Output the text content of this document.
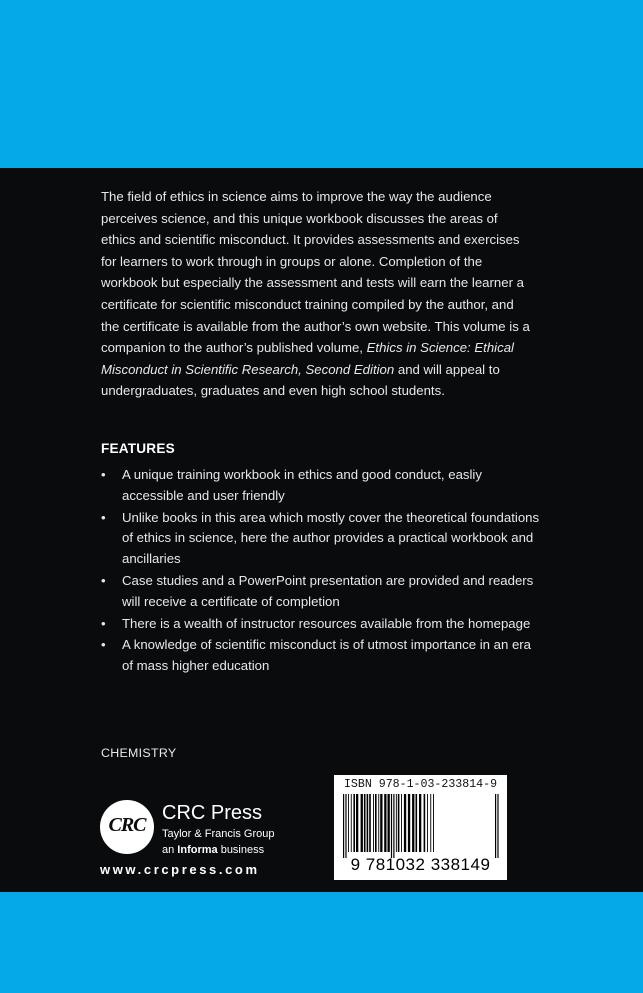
The field of ethics in science aims to improve the way the audience perceives science, and this unique workbook discusses the areas of ethics and scientific misconduct. It provides assessments and exercises for learners to work through in groups or alone. Completion of the workbook but especially the assessment and tests will earn the learner a certificate for scientific misconduct training compiled by the author, and the certificate is available from the author’s own website. This volume is a companion to the author’s published volume, Ethics in Science: Ethical Misconduct in Scientific Research, Second Edition and will appeal to undergraduates, graduates and even high school students.

FEATURES
• A unique training workbook in ethics and good conduct, easliy accessible and user friendly
• Unlike books in this area which mostly cover the theoretical foundations of ethics in science, here the author provides a practical workbook and ancillaries
• Case studies and a PowerPoint presentation are provided and readers will receive a certificate of completion
• There is a wealth of instructor resources available from the homepage
• A knowledge of scientific misconduct is of utmost importance in an era of mass higher education
CHEMISTRY
CRC
CRC Press
Taylor & Francis Group
an Informa business
www.crcpress.com
ISBN 978-1-03-233814-9
9 781032 338149
